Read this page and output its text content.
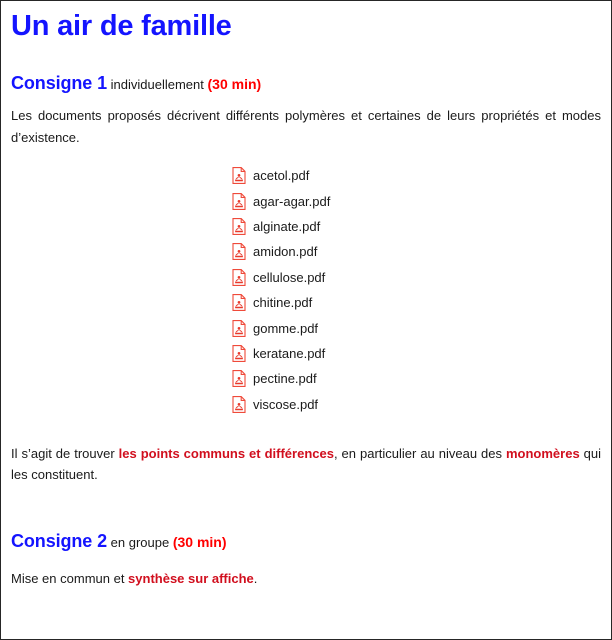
Un air de famille
Consigne 1 individuellement (30 min)

Les documents proposés décrivent différents polymères et certaines de leurs propriétés et modes d’existence.

acetol.pdf
agar-agar.pdf
alginate.pdf
amidon.pdf
cellulose.pdf
chitine.pdf
gomme.pdf
keratane.pdf
pectine.pdf
viscose.pdf

Il s’agit de trouver les points communs et différences, en particulier au niveau des monomères qui les constituent.

Consigne 2 en groupe (30 min)

Mise en commun et synthèse sur affiche.
